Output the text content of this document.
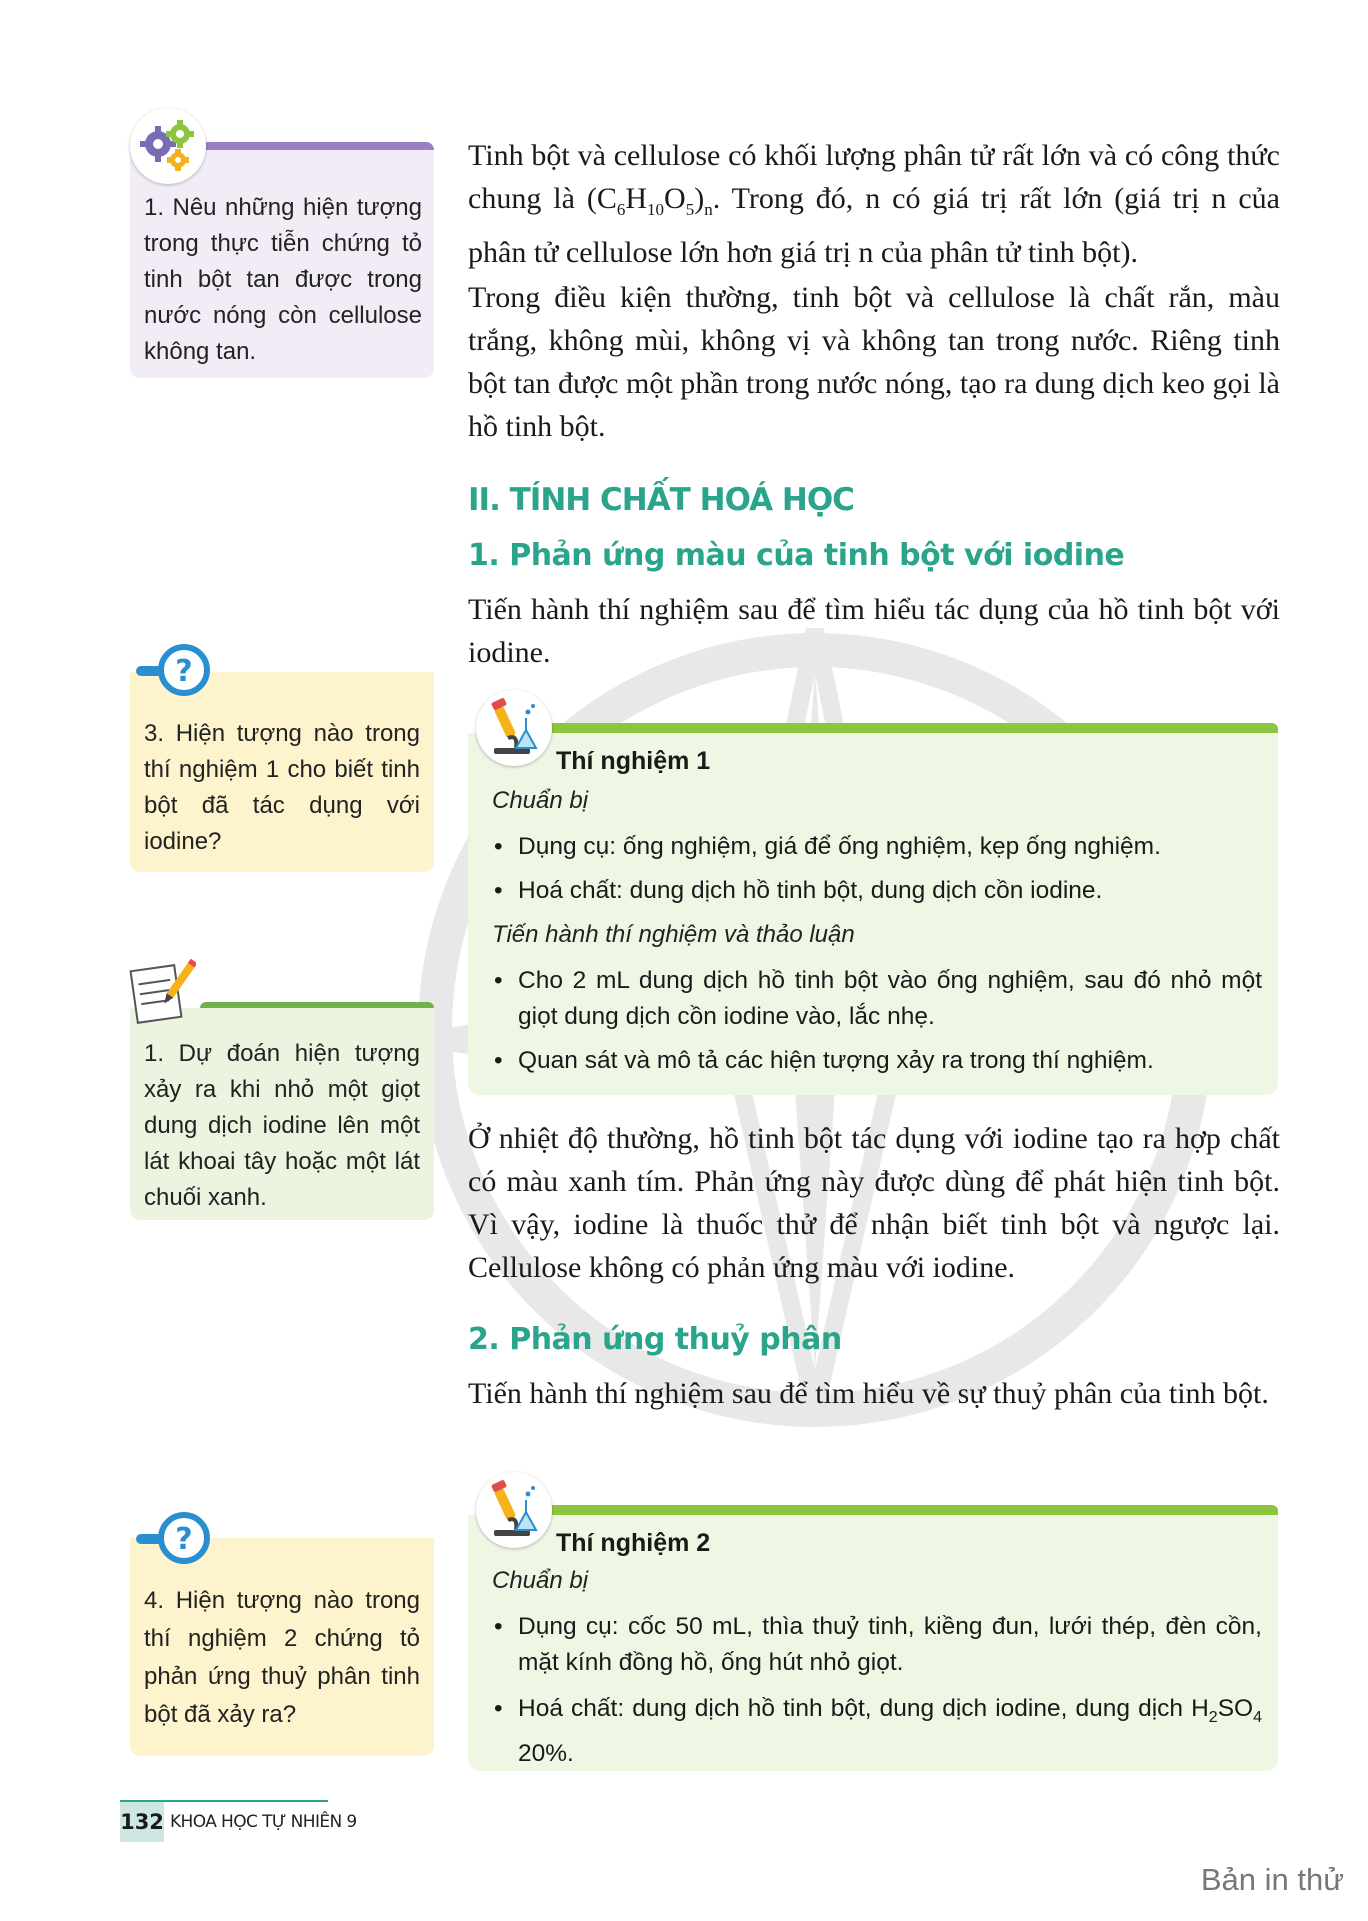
1. Nêu những hiện tượng trong thực tiễn chứng tỏ tinh bột tan được trong nước nóng còn cellulose không tan.
3. Hiện tượng nào trong thí nghiệm 1 cho biết tinh bột đã tác dụng với iodine?
?
1. Dự đoán hiện tượng xảy ra khi nhỏ một giọt dung dịch iodine lên một lát khoai tây hoặc một lát chuối xanh.
4. Hiện tượng nào trong thí nghiệm 2 chứng tỏ phản ứng thuỷ phân tinh bột đã xảy ra?
?
Tinh bột và cellulose có khối lượng phân tử rất lớn và có công thức chung là $(C_6H_{10}O_5)_n$. Trong đó, n có giá trị rất lớn (giá trị n của phân tử cellulose lớn hơn giá trị n của phân tử tinh bột).
Trong điều kiện thường, tinh bột và cellulose là chất rắn, màu trắng, không mùi, không vị và không tan trong nước. Riêng tinh bột tan được một phần trong nước nóng, tạo ra dung dịch keo gọi là hồ tinh bột.
II. TÍNH CHẤT HOÁ HỌC
1. Phản ứng màu của tinh bột với iodine
Tiến hành thí nghiệm sau để tìm hiểu tác dụng của hồ tinh bột với iodine.
Thí nghiệm 1
Chuẩn bị
• Dụng cụ: ống nghiệm, giá để ống nghiệm, kẹp ống nghiệm.
• Hoá chất: dung dịch hồ tinh bột, dung dịch cồn iodine.
Tiến hành thí nghiệm và thảo luận
• Cho 2 mL dung dịch hồ tinh bột vào ống nghiệm, sau đó nhỏ một giọt dung dịch cồn iodine vào, lắc nhẹ.
• Quan sát và mô tả các hiện tượng xảy ra trong thí nghiệm.
Ở nhiệt độ thường, hồ tinh bột tác dụng với iodine tạo ra hợp chất có màu xanh tím. Phản ứng này được dùng để phát hiện tinh bột. Vì vậy, iodine là thuốc thử để nhận biết tinh bột và ngược lại. Cellulose không có phản ứng màu với iodine.
2. Phản ứng thuỷ phân
Tiến hành thí nghiệm sau để tìm hiểu về sự thuỷ phân của tinh bột.
Thí nghiệm 2
Chuẩn bị
• Dụng cụ: cốc 50 mL, thìa thuỷ tinh, kiềng đun, lưới thép, đèn cồn, mặt kính đồng hồ, ống hút nhỏ giọt.
• Hoá chất: dung dịch hồ tinh bột, dung dịch iodine, dung dịch $H_2SO_4$ 20%.
132 KHOA HỌC TỰ NHIÊN 9
Bản in thử
